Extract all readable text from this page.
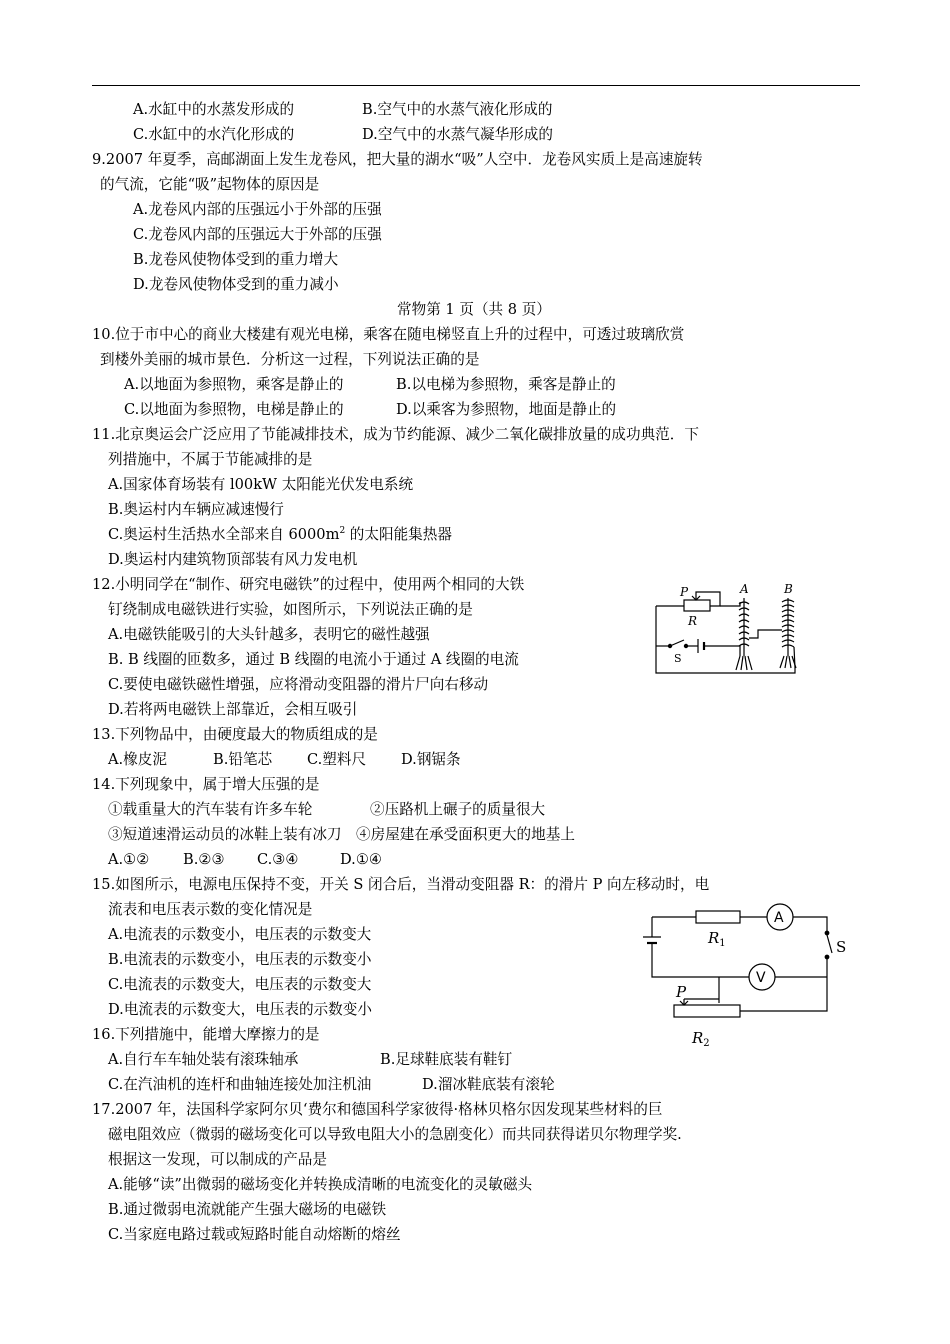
A.水缸中的水蒸发形成的	B.空气中的水蒸气液化形成的
C.水缸中的水汽化形成的	D.空气中的水蒸气凝华形成的
9.2007 年夏季，高邮湖面上发生龙卷风，把大量的湖水“吸”人空中．龙卷风实质上是高速旋转
的气流，它能“吸”起物体的原因是
A.龙卷风内部的压强远小于外部的压强
C.龙卷风内部的压强远大于外部的压强
B.龙卷风使物体受到的重力增大
D.龙卷风使物体受到的重力减小
常物第 1 页（共 8 页）
10.位于市中心的商业大楼建有观光电梯，乘客在随电梯竖直上升的过程中，可透过玻璃欣赏
到楼外美丽的城市景色．分析这一过程，下列说法正确的是
A.以地面为参照物，乘客是静止的	B.以电梯为参照物，乘客是静止的
C.以地面为参照物，电梯是静止的	D.以乘客为参照物，地面是静止的
11.北京奥运会广泛应用了节能减排技术，成为节约能源、减少二氧化碳排放量的成功典范．下
列措施中，不属于节能减排的是
A.国家体育场装有 l00kW 太阳能光伏发电系统
B.奥运村内车辆应减速慢行
C.奥运村生活热水全部来自 $6000m^2$ 的太阳能集热器
D.奥运村内建筑物顶部装有风力发电机
12.小明同学在“制作、研究电磁铁”的过程中，使用两个相同的大铁
钉绕制成电磁铁进行实验，如图所示，下列说法正确的是
A.电磁铁能吸引的大头针越多，表明它的磁性越强
B. B 线圈的匝数多，通过 B 线圈的电流小于通过 A 线圈的电流
C.要使电磁铁磁性增强，应将滑动变阻器的滑片尸向右移动
D.若将两电磁铁上部靠近，会相互吸引
13.下列物品中，由硬度最大的物质组成的是
A.橡皮泥	B.铅笔芯 C.塑料尺 D.钢锯条
14.下列现象中，属于增大压强的是
①载重量大的汽车装有许多车轮	②压路机上碾子的质量很大
③短道速滑运动员的冰鞋上装有冰刀 ④房屋建在承受面积更大的地基上
A.①② B.②③ C.③④	D.①④
15.如图所示，电源电压保持不变，开关 S 闭合后，当滑动变阻器 R：的滑片 P 向左移动时，电
流表和电压表示数的变化情况是
A.电流表的示数变小，电压表的示数变大
B.电流表的示数变小，电压表的示数变小
C.电流表的示数变大，电压表的示数变大
D.电流表的示数变大，电压表的示数变小
16.下列措施中，能增大摩擦力的是
A.自行车车轴处装有滚珠轴承	B.足球鞋底装有鞋钉
C.在汽油机的连杆和曲轴连接处加注机油	D.溜冰鞋底装有滚轮
17.2007 年，法国科学家阿尔贝‘费尔和德国科学家彼得·格林贝格尔因发现某些材料的巨
磁电阻效应（微弱的磁场变化可以导致电阻大小的急剧变化）而共同获得诺贝尔物理学奖.
根据这一发现，可以制成的产品是
A.能够“读”出微弱的磁场变化并转换成清晰的电流变化的灵敏磁头
B.通过微弱电流就能产生强大磁场的电磁铁
C.当家庭电路过载或短路时能自动熔断的熔丝
P
R
A	B
S
$R_1$
A
S
V
P
$R_2$
